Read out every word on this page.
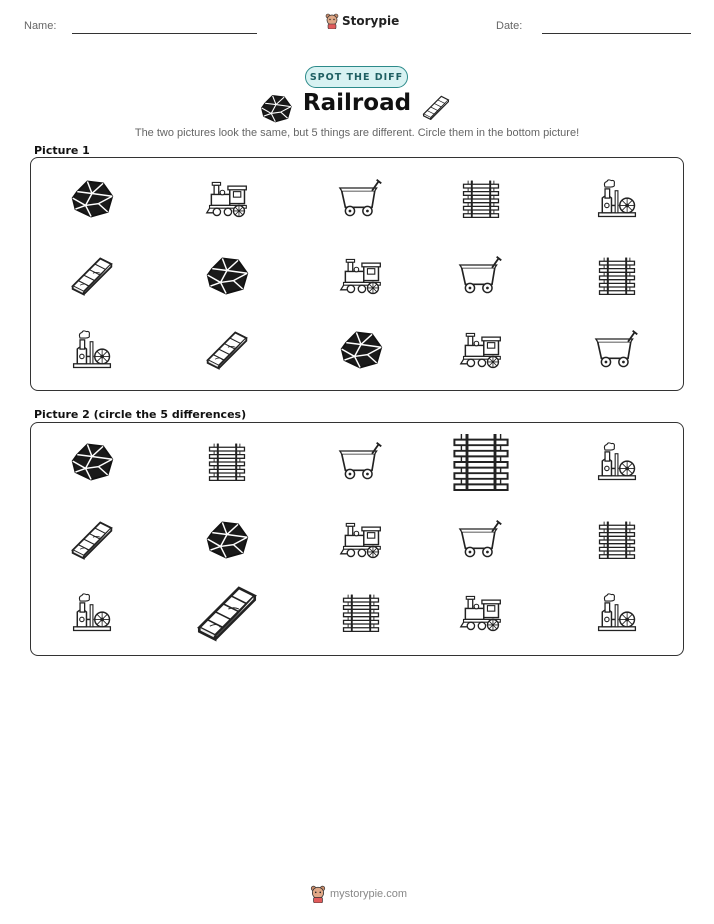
Name:	Storypie	Date:
SPOT THE DIFF
Railroad
The two pictures look the same, but 5 things are different. Circle them in the bottom picture!
Picture 1
Picture 2 (circle the 5 differences)
mystorypie.com
